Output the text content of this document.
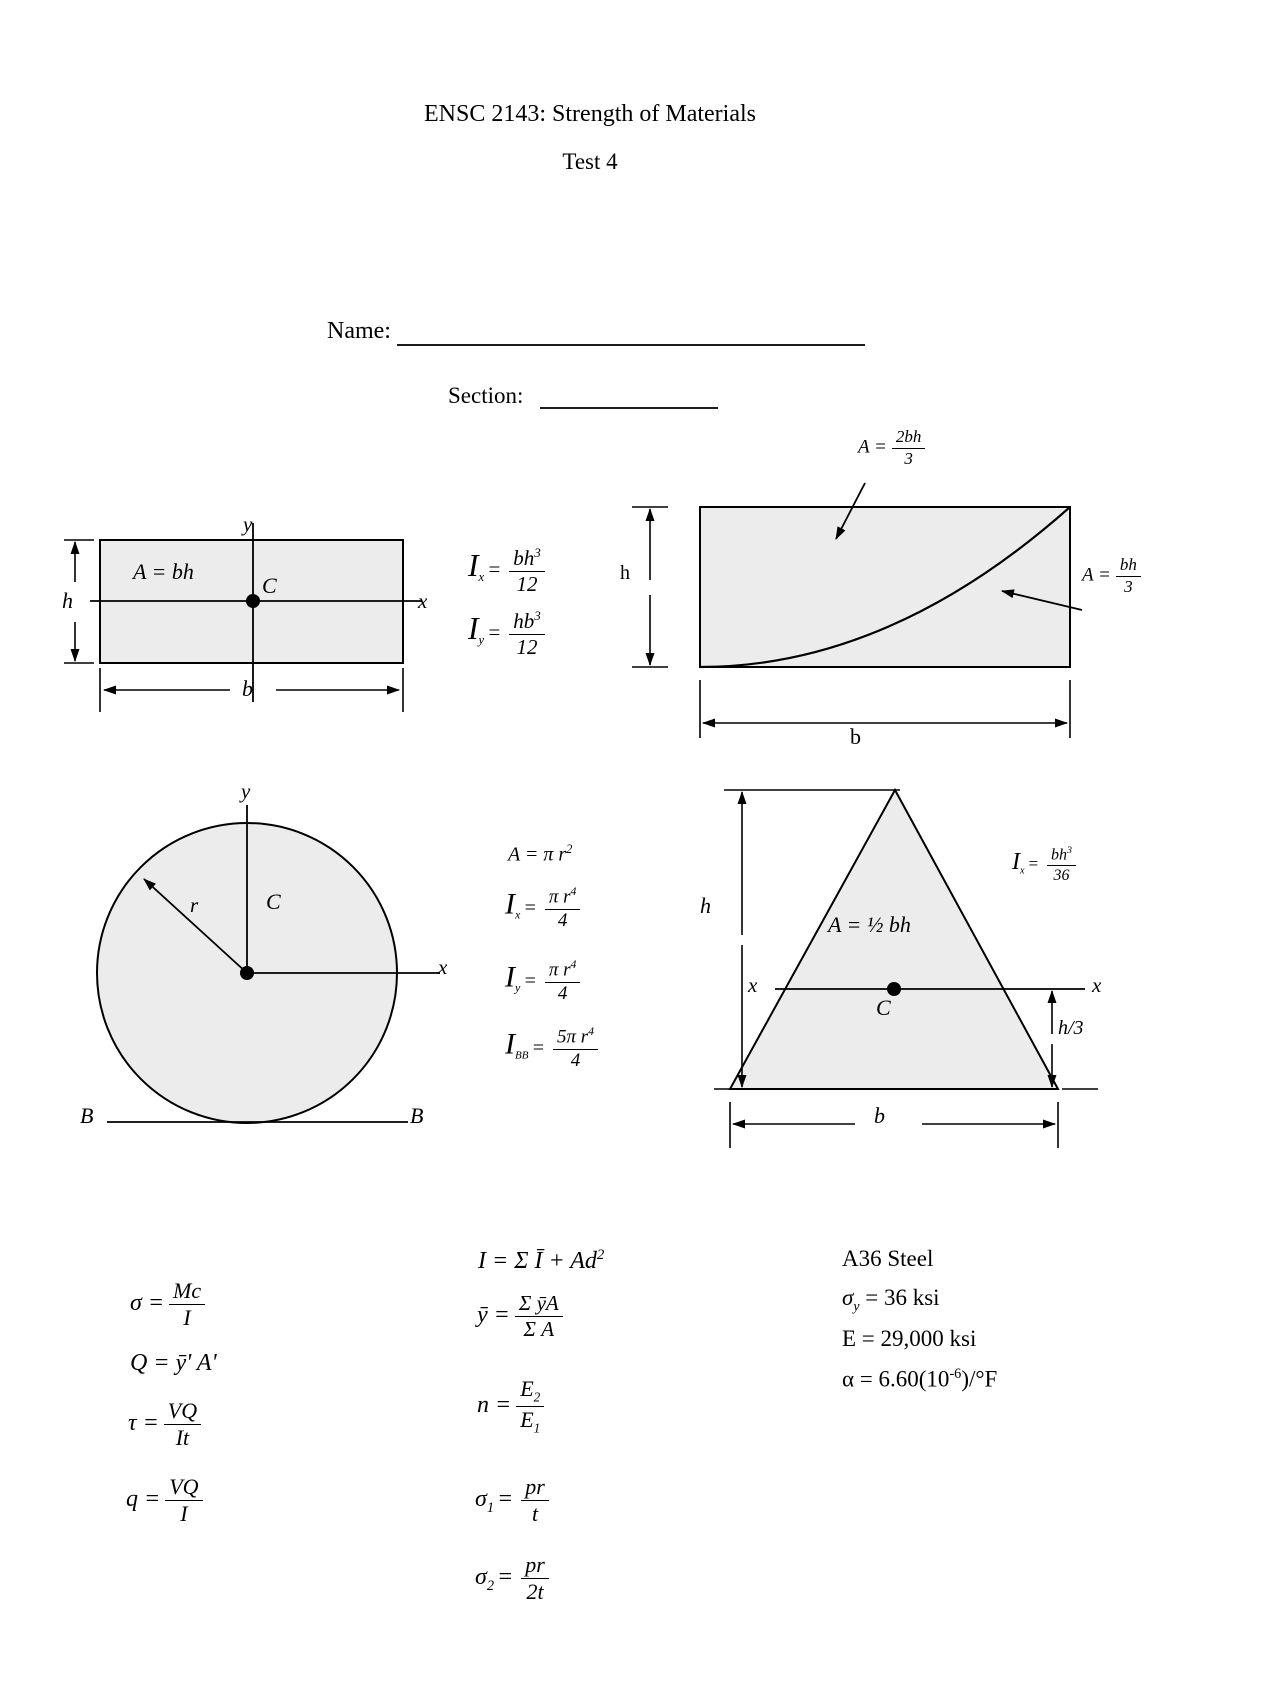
ENSC 2143: Strength of Materials
Test 4
Name:
Section:
y
x
h
b
A = bh
C
$I_x = \frac{bh^3}{12}$
$I_y = \frac{hb^3}{12}$
h
b
$A = \frac{2bh}{3}$
$A = \frac{bh}{3}$
y
x
r	C
B	B
A = π $r^2$
$I_x = \frac{\pi r^4}{4}$
$I_y = \frac{\pi r^4}{4}$
$I_{BB} = \frac{5\pi r^4}{4}$
h
x	x
A = ½ bh
C
h/3
b
$I_x = \frac{bh^3}{36}$
$\sigma = \frac{Mc}{I}$
Q = ȳ' A'
$\tau = \frac{VQ}{It}$
$q = \frac{VQ}{I}$
I = Σ Ī + $Ad^2$
ȳ = $\frac{\text{Σ ȳA}}{\text{Σ A}}$
$n = \frac{E_2}{E_1}$
$\sigma_1 = \frac{pr}{t}$
$\sigma_2 = \frac{pr}{2t}$
A36 Steel
$\sigma_y = 36$ ksi
E = 29,000 ksi
$\alpha = 6.60(10^{-6})/^\circ F$
